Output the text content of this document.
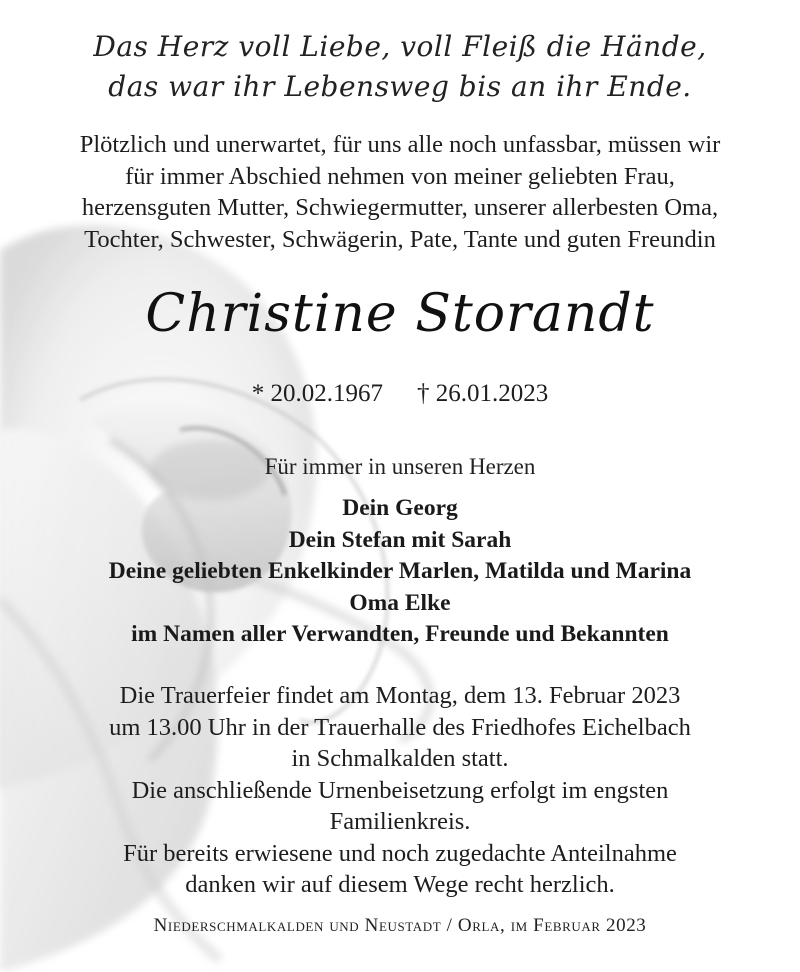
Das Herz voll Liebe, voll Fleiß die Hände,
das war ihr Lebensweg bis an ihr Ende.
Plötzlich und unerwartet, für uns alle noch unfassbar, müssen wir
für immer Abschied nehmen von meiner geliebten Frau,
herzensguten Mutter, Schwiegermutter, unserer allerbesten Oma,
Tochter, Schwester, Schwägerin, Pate, Tante und guten Freundin
Christine Storandt
* 20.02.1967 † 26.01.2023
Für immer in unseren Herzen
Dein Georg
Dein Stefan mit Sarah
Deine geliebten Enkelkinder Marlen, Matilda und Marina
Oma Elke
im Namen aller Verwandten, Freunde und Bekannten
Die Trauerfeier findet am Montag, dem 13. Februar 2023
um 13.00 Uhr in der Trauerhalle des Friedhofes Eichelbach
in Schmalkalden statt.
Die anschließende Urnenbeisetzung erfolgt im engsten
Familienkreis.
Für bereits erwiesene und noch zugedachte Anteilnahme
danken wir auf diesem Wege recht herzlich.
Niederschmalkalden und Neustadt / Orla, im Februar 2023
